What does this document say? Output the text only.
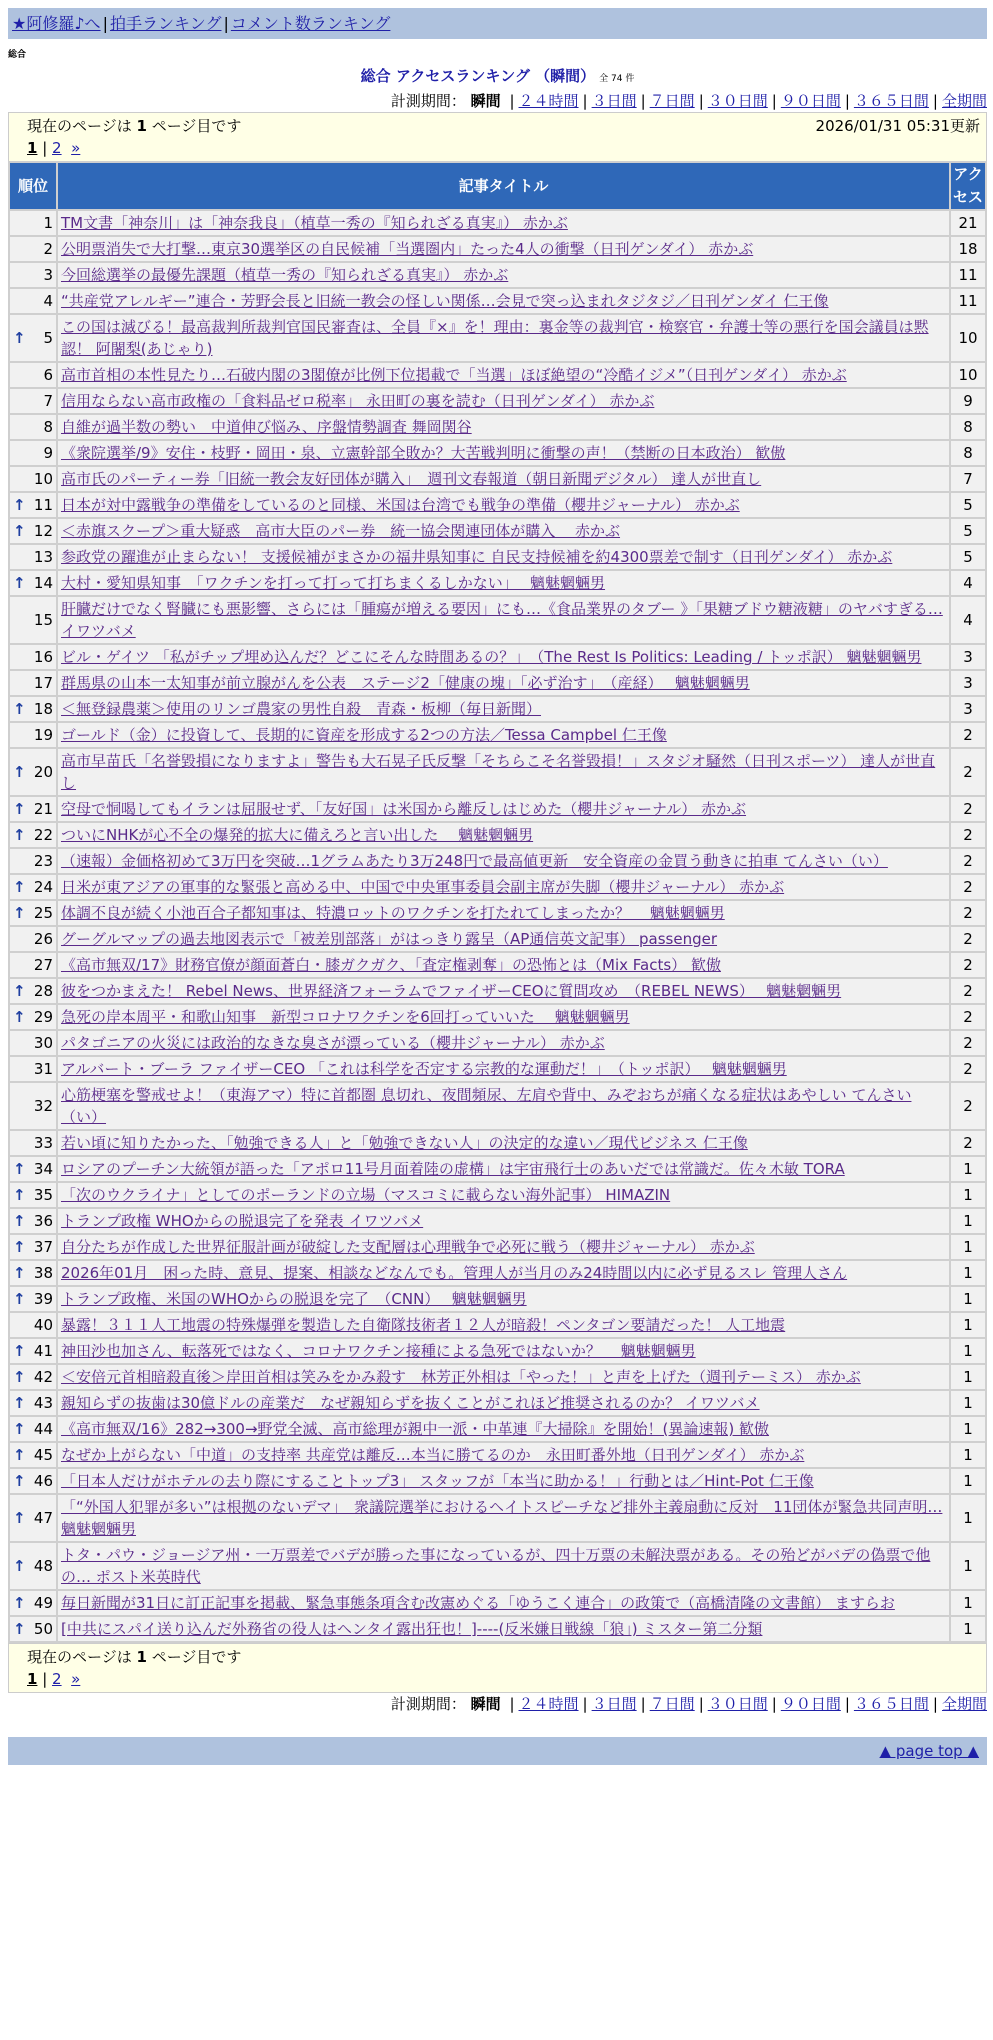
★阿修羅♪へ | 拍手ランキング | コメント数ランキング
総合
総合 アクセスランキング （瞬間） 全 74 件
計測期間： 瞬間 | ２４時間 | ３日間 | ７日間 | ３０日間 | ９０日間 | ３６５日間 | 全期間
現在のページは 1 ページ目です	2026/01/31 05:31更新
1 | 2 »
順位	記事タイトル	アクセス
1	TM文書「神奈川」は「神奈我良」（植草一秀の『知られざる真実』） 赤かぶ	21
2	公明票消失で大打撃…東京30選挙区の自民候補「当選圏内」たった4人の衝撃（日刊ゲンダイ） 赤かぶ	18
3	今回総選挙の最優先課題（植草一秀の『知られざる真実』） 赤かぶ	11
4	“共産党アレルギー”連合・芳野会長と旧統一教会の怪しい関係…会見で突っ込まれタジタジ／日刊ゲンダイ 仁王像	11

↑ 5	この国は滅びる！最高裁判所裁判官国民審査は、全員『×』を！理由：裏金等の裁判官・検察官・弁護士等の悪行を国会議員は黙認！ 阿闍梨(あじゃり)	10
6	高市首相の本性見たり…石破内閣の3閣僚が比例下位掲載で「当選」ほぼ絶望の“冷酷イジメ”（日刊ゲンダイ） 赤かぶ	10
7	信用ならない高市政権の「食料品ゼロ税率」 永田町の裏を読む（日刊ゲンダイ） 赤かぶ	9
8	自維が過半数の勢い　中道伸び悩み、序盤情勢調査 舞岡関谷	8
9	《衆院選挙/9》安住・枝野・岡田・泉、立憲幹部全敗か？大苦戦判明に衝撃の声！（禁断の日本政治） 歓傲	8
10	高市氏のパーティー券「旧統一教会友好団体が購入」　週刊文春報道（朝日新聞デジタル） 達人が世直し	7

↑ 11	日本が対中露戦争の準備をしているのと同様、米国は台湾でも戦争の準備（櫻井ジャーナル） 赤かぶ	5

↑ 12	＜赤旗スクープ＞重大疑惑　高市大臣のパー券　統一協会関連団体が購入　 赤かぶ	5
13	参政党の躍進が止まらない！ 支援候補がまさかの福井県知事に 自民支持候補を約4300票差で制す（日刊ゲンダイ） 赤かぶ	5

↑ 14	大村・愛知県知事　「ワクチンを打って打って打ちまくるしかない」　 魑魅魍魎男	4
15	肝臓だけでなく腎臓にも悪影響、さらには「腫瘍が増える要因」にも…《食品業界のタブー 》「果糖ブドウ糖液糖」のヤバすぎる… イワツバメ	4
16	ビル・ゲイツ 「私がチップ埋め込んだ？どこにそんな時間あるの？」　（The Rest Is Politics: Leading / トッポ訳） 魑魅魍魎男	3
17	群馬県の山本一太知事が前立腺がんを公表　ステージ2「健康の塊」「必ず治す」　（産経）　 魑魅魍魎男	3

↑ 18	＜無登録農薬＞使用のリンゴ農家の男性自殺　青森・板柳（毎日新聞）	3
19	ゴールド（金）に投資して、長期的に資産を形成する2つの方法／Tessa Campbel 仁王像	2

↑ 20	高市早苗氏「名誉毀損になりますよ」警告も大石晃子氏反撃「そちらこそ名誉毀損！」スタジオ騒然（日刊スポーツ） 達人が世直し	2

↑ 21	空母で恫喝してもイランは屈服せず、「友好国」は米国から離反しはじめた（櫻井ジャーナル） 赤かぶ	2

↑ 22	ついにNHKが心不全の爆発的拡大に備えろと言い出した　 魑魅魍魎男	2
23	（速報）金価格初めて3万円を突破…1グラムあたり3万248円で最高値更新　安全資産の金買う動きに拍車 てんさい（い）	2

↑ 24	日米が東アジアの軍事的な緊張と高める中、中国で中央軍事委員会副主席が失脚（櫻井ジャーナル） 赤かぶ	2

↑ 25	体調不良が続く小池百合子都知事は、特濃ロットのワクチンを打たれてしまったか？　 魑魅魍魎男	2
26	グーグルマップの過去地図表示で「被差別部落」がはっきり露呈（AP通信英文記事） passenger	2
27	《高市無双/17》財務官僚が顔面蒼白・膝ガクガク、「査定権剥奪」の恐怖とは（Mix Facts） 歓傲	2

↑ 28	彼をつかまえた！ Rebel News、世界経済フォーラムでファイザーCEOに質問攻め　（REBEL NEWS）　 魑魅魍魎男	2

↑ 29	急死の岸本周平・和歌山知事　新型コロナワクチンを6回打っていいた　 魑魅魍魎男	2
30	パタゴニアの火災には政治的なきな臭さが漂っている（櫻井ジャーナル） 赤かぶ	2
31	アルバート・ブーラ ファイザーCEO 「これは科学を否定する宗教的な運動だ！」　（トッポ訳）　 魑魅魍魎男	2
32	心筋梗塞を警戒せよ！（東海アマ）特に首都圏 息切れ、夜間頻尿、左肩や背中、みぞおちが痛くなる症状はあやしい てんさい（い）	2
33	若い頃に知りたかった、「勉強できる人」と「勉強できない人」の決定的な違い／現代ビジネス 仁王像	2

↑ 34	ロシアのプーチン大統領が語った「アポロ11号月面着陸の虚構」は宇宙飛行士のあいだでは常識だ。佐々木敏 TORA	1

↑ 35	「次のウクライナ」としてのポーランドの立場（マスコミに載らない海外記事） HIMAZIN	1

↑ 36	トランプ政権 WHOからの脱退完了を発表 イワツバメ	1

↑ 37	自分たちが作成した世界征服計画が破綻した支配層は心理戦争で必死に戦う（櫻井ジャーナル） 赤かぶ	1

↑ 38	2026年01月　困った時、意見、提案、相談などなんでも。管理人が当月のみ24時間以内に必ず見るスレ 管理人さん	1

↑ 39	トランプ政権、米国のWHOからの脱退を完了　（CNN）　 魑魅魍魎男	1
40	暴露！３１１人工地震の特殊爆弾を製造した自衛隊技術者１２人が暗殺！ペンタゴン要請だった！ 人工地震	1

↑ 41	神田沙也加さん、転落死ではなく、コロナワクチン接種による急死ではないか？　 魑魅魍魎男	1

↑ 42	＜安倍元首相暗殺直後＞岸田首相は笑みをかみ殺す　林芳正外相は「やった！」と声を上げた（週刊テーミス） 赤かぶ	1

↑ 43	親知らずの抜歯は30億ドルの産業だ　なぜ親知らずを抜くことがこれほど推奨されるのか？ イワツバメ	1

↑ 44	《高市無双/16》282→300→野党全滅、高市総理が親中一派・中革連『大掃除』を開始！(異論速報) 歓傲	1

↑ 45	なぜか上がらない「中道」の支持率 共産党は離反…本当に勝てるのか　永田町番外地（日刊ゲンダイ） 赤かぶ	1

↑ 46	「日本人だけがホテルの去り際にすることトップ3」 スタッフが「本当に助かる！」行動とは／Hint-Pot 仁王像	1

↑ 47	「“外国人犯罪が多い”は根拠のないデマ」　衆議院選挙におけるヘイトスピーチなど排外主義扇動に反対　11団体が緊急共同声明… 魑魅魍魎男	1

↑ 48	トタ・パウ・ジョージア州・一万票差でバデが勝った事になっているが、四十万票の未解決票がある。その殆どがバデの偽票で他の… ポスト米英時代	1

↑ 49	毎日新聞が31日に訂正記事を掲載、緊急事態条項含む改憲めぐる「ゆうこく連合」の政策で（高橋清隆の文書館） ますらお	1

↑ 50	[中共にスパイ送り込んだ外務省の役人はヘンタイ露出狂也！]----(反米嫌日戦線「狼」) ミスター第二分類	1
現在のページは 1 ページ目です
1 | 2 »
計測期間： 瞬間 | ２４時間 | ３日間 | ７日間 | ３０日間 | ９０日間 | ３６５日間 | 全期間
▲ page top ▲
